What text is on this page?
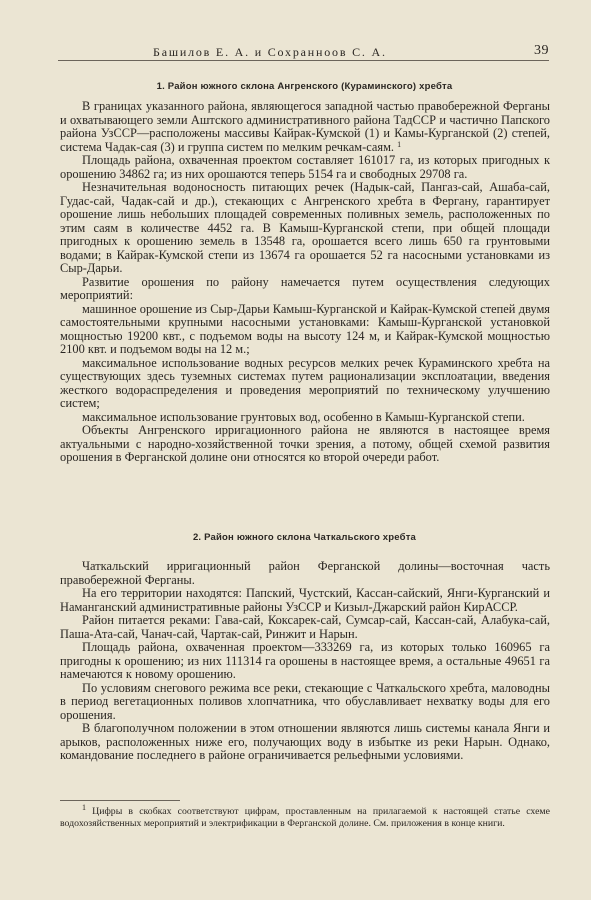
Башилов Е. А. и Сохранноов С. А.	39
1. Район южного склона Ангренского (Кураминского) хребта

В границах указанного района, являющегося западной частью правобережной Ферганы и охватывающего земли Аштского административного района ТадССР и частично Папского района УзССР—расположены массивы Кайрак-Кумской (1) и Камы-Курганской (2) степей, система Чадак-сая (3) и группа систем по мелким речкам-саям. $^1$

Площадь района, охваченная проектом составляет 161017 га, из которых пригодных к орошению 34862 га; из них орошаются теперь 5154 га и свободных 29708 га.

Незначительная водоносность питающих речек (Надык-сай, Пангаз-сай, Ашаба-сай, Гудас-сай, Чадак-сай и др.), стекающих с Ангренского хребта в Фергану, гарантирует орошение лишь небольших площадей современных поливных земель, расположенных по этим саям в количестве 4452 га. В Камыш-Курганской степи, при общей площади пригодных к орошению земель в 13548 га, орошается всего лишь 650 га грунтовыми водами; в Кайрак-Кумской степи из 13674 га орошается 52 га насосными установками из Сыр-Дарьи.

Развитие орошения по району намечается путем осуществления следующих мероприятий:

машинное орошение из Сыр-Дарьи Камыш-Курганской и Кайрак-Кумской степей двумя самостоятельными крупными насосными установками: Камыш-Курганской установкой мощностью 19200 квт., с подъемом воды на высоту 124 м, и Кайрак-Кумской мощностью 2100 квт. и подъемом воды на 12 м.;

максимальное использование водных ресурсов мелких речек Кураминского хребта на существующих здесь туземных системах путем рационализации эксплоатации, введения жесткого водораспределения и проведения мероприятий по техническому улучшению систем;

максимальное использование грунтовых вод, особенно в Камыш-Курганской степи.

Объекты Ангренского ирригационного района не являются в настоящее время актуальными с народно-хозяйственной точки зрения, а потому, общей схемой развития орошения в Ферганской долине они относятся ко второй очереди работ.

2. Район южного склона Чаткальского хребта

Чаткальский ирригационный район Ферганской долины—восточная часть правобережной Ферганы.

На его территории находятся: Папский, Чустский, Кассан-сайский, Янги-Курганский и Наманганский административные районы УзССР и Кизыл-Джарский район КирАССР.

Район питается реками: Гава-сай, Коксарек-сай, Сумсар-сай, Кассан-сай, Алабука-сай, Паша-Ата-сай, Чанач-сай, Чартак-сай, Ринжит и Нарын.

Площадь района, охваченная проектом—333269 га, из которых только 160965 га пригодны к орошению; из них 111314 га орошены в настоящее время, а остальные 49651 га намечаются к новому орошению.

По условиям снегового режима все реки, стекающие с Чаткальского хребта, маловодны в период вегетационных поливов хлопчатника, что обуславливает нехватку воды для его орошения.

В благополучном положении в этом отношении являются лишь системы канала Янги и арыков, расположенных ниже его, получающих воду в избытке из реки Нарын. Однако, командование последнего в районе ограничивается рельефными условиями.

$^1$ Цифры в скобках соответствуют цифрам, проставленным на прилагаемой к настоящей статье схеме водохозяйственных мероприятий и электрификации в Ферганской долине. См. приложения в конце книги.
